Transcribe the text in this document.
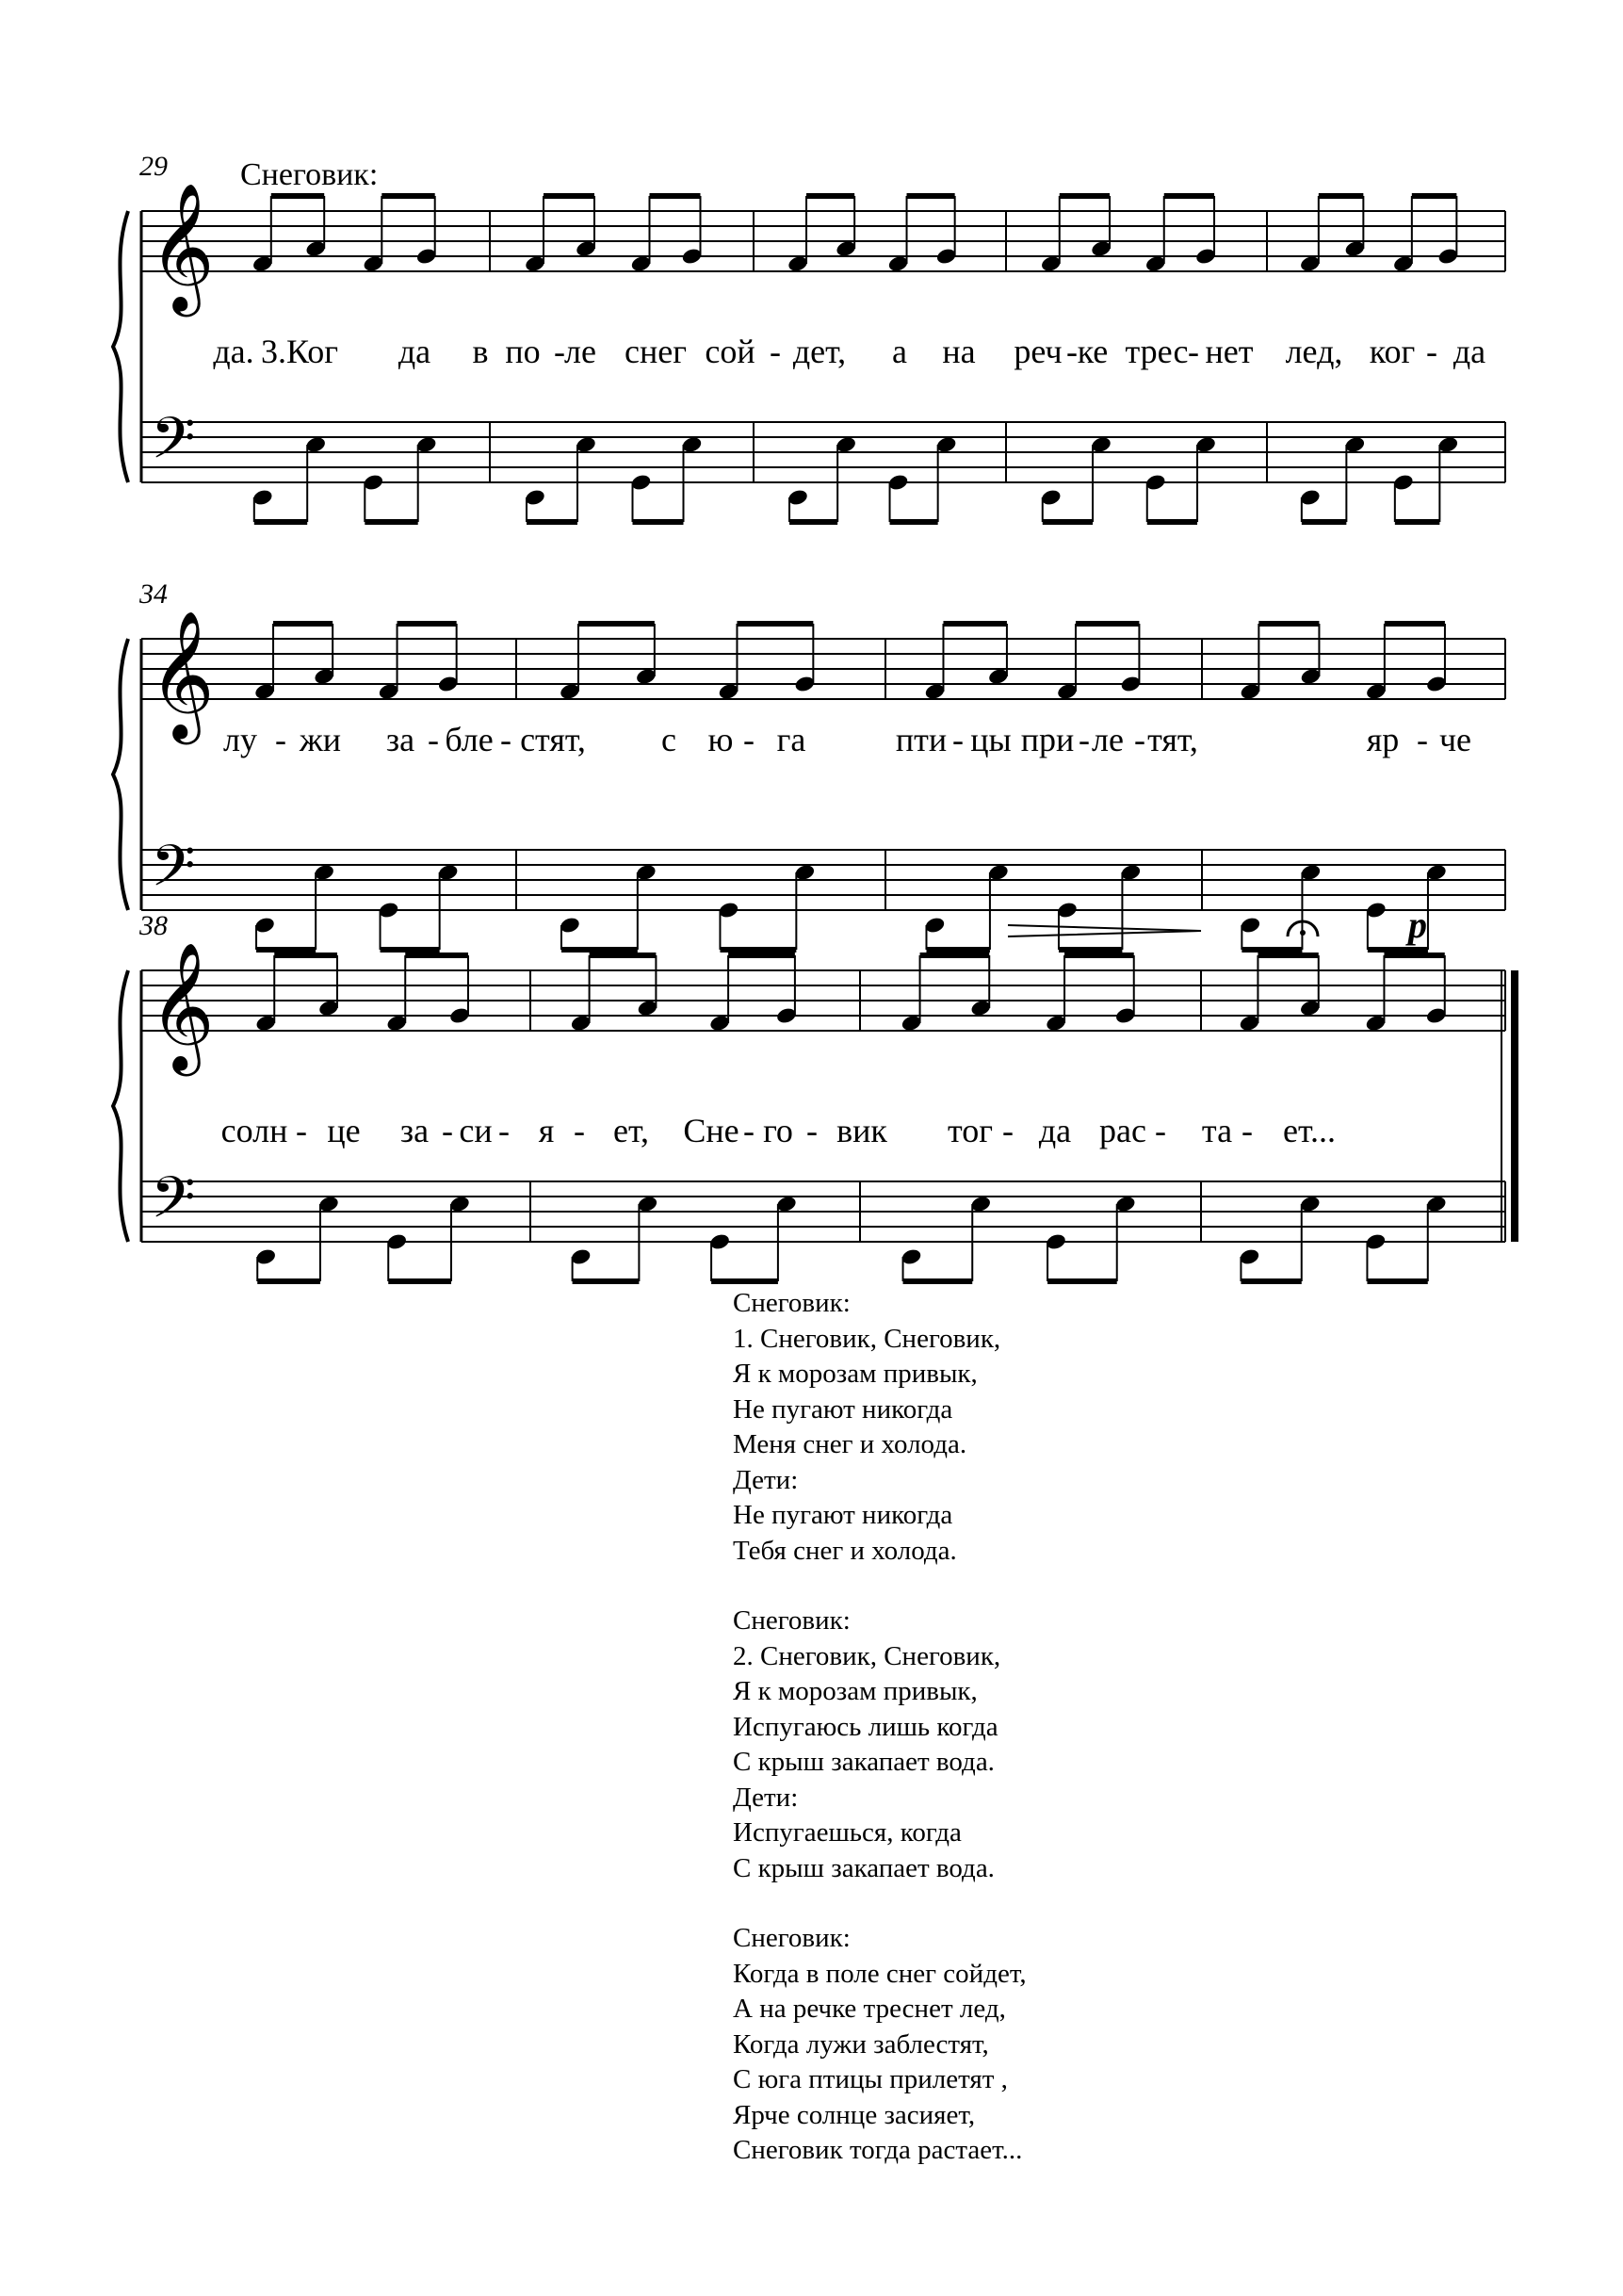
𝄞
𝄢
29 Снеговик:
да. 3.Ког да в по - ле снег сой - дет, а на реч - ке трес - нет лед, ког - да
𝄞
𝄢
34
лу - жи за - бле - стят, с ю - га	пти - цы при - ле - тят,	яр - че
𝄞
𝄢
38	p
солн - це за - си - я - ет, Сне - го - вик тог - да рас - та - ет...
Снеговик:
1. Снеговик, Снеговик,
Я к морозам привык,
Не пугают никогда
Меня снег и холода.
Дети:
Не пугают никогда
Тебя снег и холода.
Снеговик:
2. Снеговик, Снеговик,
Я к морозам привык,
Испугаюсь лишь когда
С крыш закапает вода.
Дети:
Испугаешься, когда
С крыш закапает вода.
Снеговик:
Когда в поле снег сойдет,
А на речке треснет лед,
Когда лужи заблестят,
С юга птицы прилетят ,
Ярче солнце засияет,
Снеговик тогда растает...
